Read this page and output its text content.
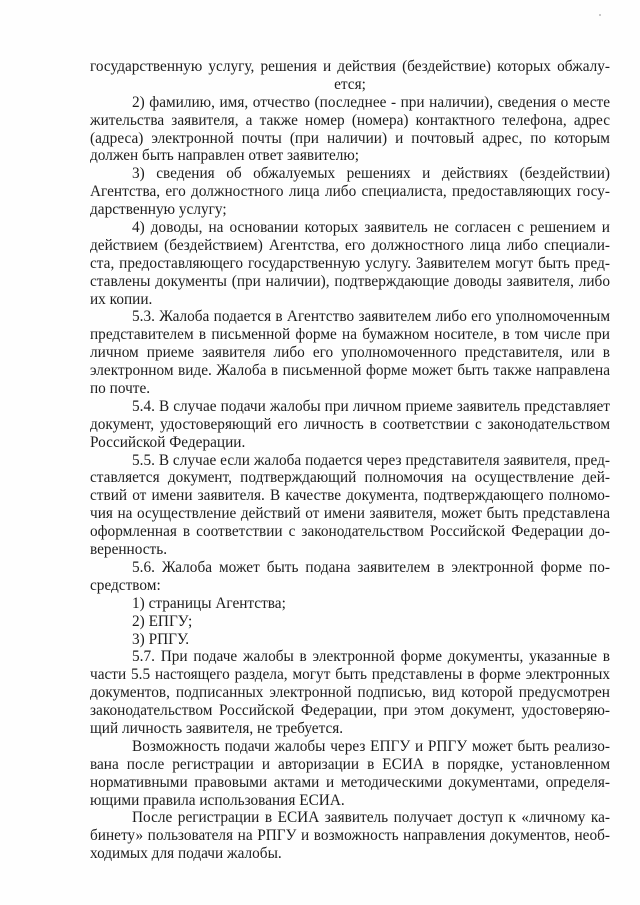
государственную услугу, решения и действия (бездействие) которых обжалу-
ется;
2) фамилию, имя, отчество (последнее - при наличии), сведения о месте
жительства заявителя, а также номер (номера) контактного телефона, адрес
(адреса) электронной почты (при наличии) и почтовый адрес, по которым
должен быть направлен ответ заявителю;
3) сведения об обжалуемых решениях и действиях (бездействии)
Агентства, его должностного лица либо специалиста, предоставляющих госу-
дарственную услугу;
4) доводы, на основании которых заявитель не согласен с решением и
действием (бездействием) Агентства, его должностного лица либо специали-
ста, предоставляющего государственную услугу. Заявителем могут быть пред-
ставлены документы (при наличии), подтверждающие доводы заявителя, либо
их копии.
5.3. Жалоба подается в Агентство заявителем либо его уполномоченным
представителем в письменной форме на бумажном носителе, в том числе при
личном приеме заявителя либо его уполномоченного представителя, или в
электронном виде. Жалоба в письменной форме может быть также направлена
по почте.
5.4. В случае подачи жалобы при личном приеме заявитель представляет
документ, удостоверяющий его личность в соответствии с законодательством
Российской Федерации.
5.5. В случае если жалоба подается через представителя заявителя, пред-
ставляется документ, подтверждающий полномочия на осуществление дей-
ствий от имени заявителя. В качестве документа, подтверждающего полномо-
чия на осуществление действий от имени заявителя, может быть представлена
оформленная в соответствии с законодательством Российской Федерации до-
веренность.
5.6. Жалоба может быть подана заявителем в электронной форме по-
средством:
1) страницы Агентства;
2) ЕПГУ;
3) РПГУ.
5.7. При подаче жалобы в электронной форме документы, указанные в
части 5.5 настоящего раздела, могут быть представлены в форме электронных
документов, подписанных электронной подписью, вид которой предусмотрен
законодательством Российской Федерации, при этом документ, удостоверяю-
щий личность заявителя, не требуется.
Возможность подачи жалобы через ЕПГУ и РПГУ может быть реализо-
вана после регистрации и авторизации в ЕСИА в порядке, установленном
нормативными правовыми актами и методическими документами, определя-
ющими правила использования ЕСИА.
После регистрации в ЕСИА заявитель получает доступ к «личному ка-
бинету» пользователя на РПГУ и возможность направления документов, необ-
ходимых для подачи жалобы.
